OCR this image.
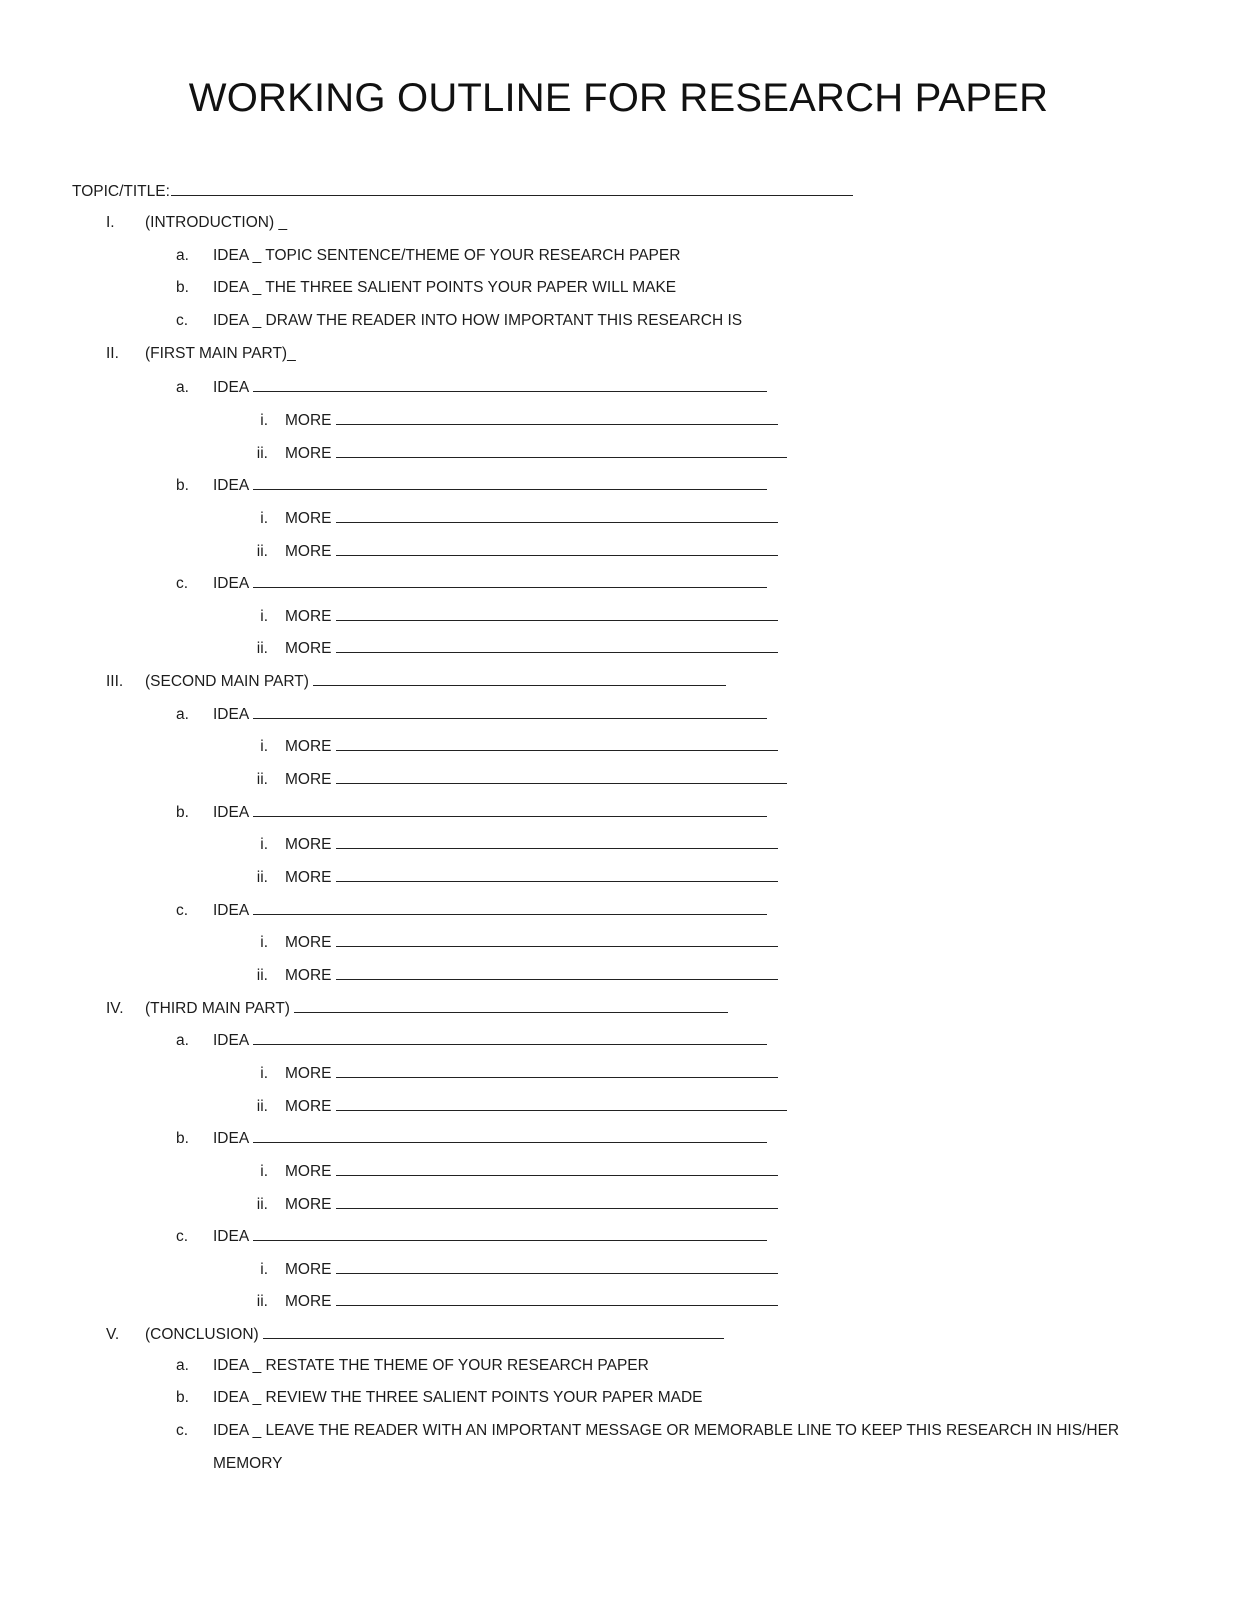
WORKING OUTLINE FOR RESEARCH PAPER
TOPIC/TITLE:
I.	(INTRODUCTION) _
a.	IDEA _ TOPIC SENTENCE/THEME OF YOUR RESEARCH PAPER
b.	IDEA _ THE THREE SALIENT POINTS YOUR PAPER WILL MAKE
c.	IDEA _ DRAW THE READER INTO HOW IMPORTANT THIS RESEARCH IS
II.	(FIRST MAIN PART)_
a.	IDEA
i. MORE
ii. MORE
b.	IDEA
i. MORE
ii. MORE
c.	IDEA
i. MORE
ii. MORE
III.	(SECOND MAIN PART)
a.	IDEA
i. MORE
ii. MORE
b.	IDEA
i. MORE
ii. MORE
c.	IDEA
i. MORE
ii. MORE
IV.	(THIRD MAIN PART)
a.	IDEA
i. MORE
ii. MORE
b.	IDEA
i. MORE
ii. MORE
c.	IDEA
i. MORE
ii. MORE
V.	(CONCLUSION)
a.	IDEA _ RESTATE THE THEME OF YOUR RESEARCH PAPER
b.	IDEA _ REVIEW THE THREE SALIENT POINTS YOUR PAPER MADE
c.	IDEA _ LEAVE THE READER WITH AN IMPORTANT MESSAGE OR MEMORABLE LINE TO KEEP THIS RESEARCH IN HIS/HER
MEMORY
